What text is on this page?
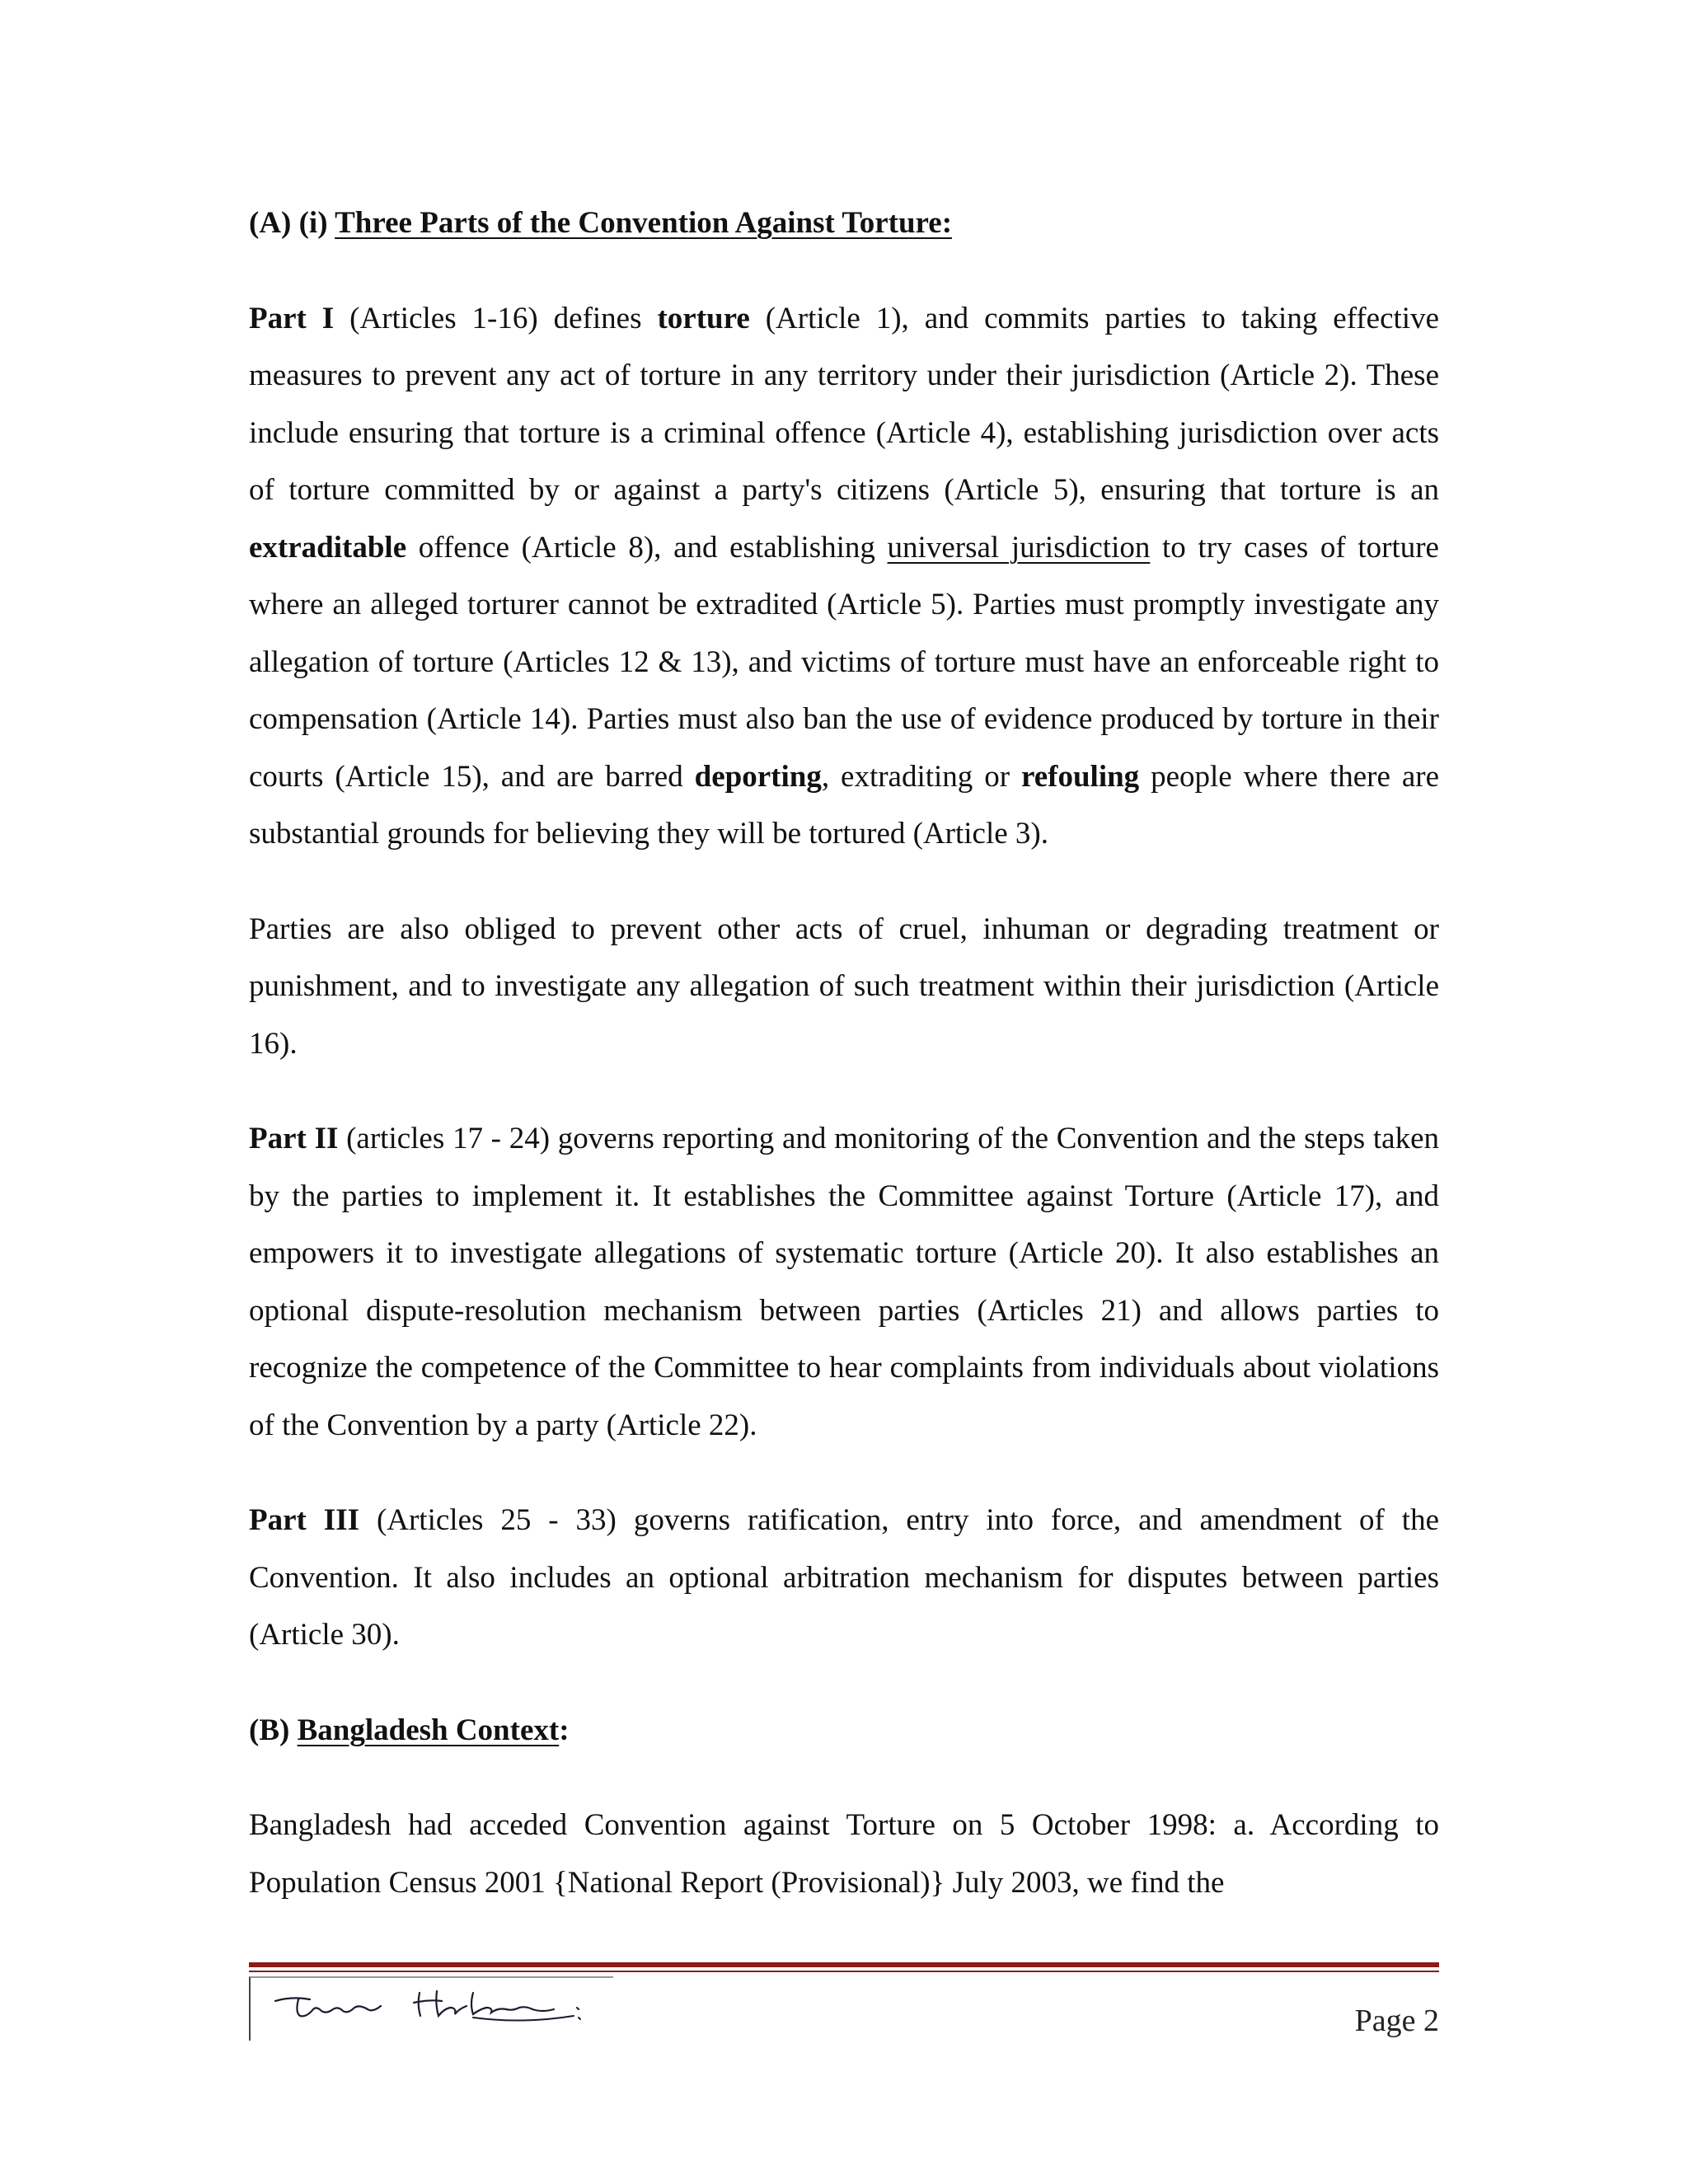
(A) (i) Three Parts of the Convention Against Torture:

Part I (Articles 1-16) defines torture (Article 1), and commits parties to taking effective measures to prevent any act of torture in any territory under their jurisdiction (Article 2). These include ensuring that torture is a criminal offence (Article 4), establishing jurisdiction over acts of torture committed by or against a party's citizens (Article 5), ensuring that torture is an extraditable offence (Article 8), and establishing universal jurisdiction to try cases of torture where an alleged torturer cannot be extradited (Article 5). Parties must promptly investigate any allegation of torture (Articles 12 & 13), and victims of torture must have an enforceable right to compensation (Article 14). Parties must also ban the use of evidence produced by torture in their courts (Article 15), and are barred deporting, extraditing or refouling people where there are substantial grounds for believing they will be tortured (Article 3).

Parties are also obliged to prevent other acts of cruel, inhuman or degrading treatment or punishment, and to investigate any allegation of such treatment within their jurisdiction (Article 16).

Part II (articles 17 - 24) governs reporting and monitoring of the Convention and the steps taken by the parties to implement it. It establishes the Committee against Torture (Article 17), and empowers it to investigate allegations of systematic torture (Article 20). It also establishes an optional dispute-resolution mechanism between parties (Articles 21) and allows parties to recognize the competence of the Committee to hear complaints from individuals about violations of the Convention by a party (Article 22).

Part III (Articles 25 - 33) governs ratification, entry into force, and amendment of the Convention. It also includes an optional arbitration mechanism for disputes between parties (Article 30).

(B) Bangladesh Context:

Bangladesh had acceded Convention against Torture on 5 October 1998: a. According to Population Census 2001 {National Report (Provisional)} July 2003, we find the

Page 2
